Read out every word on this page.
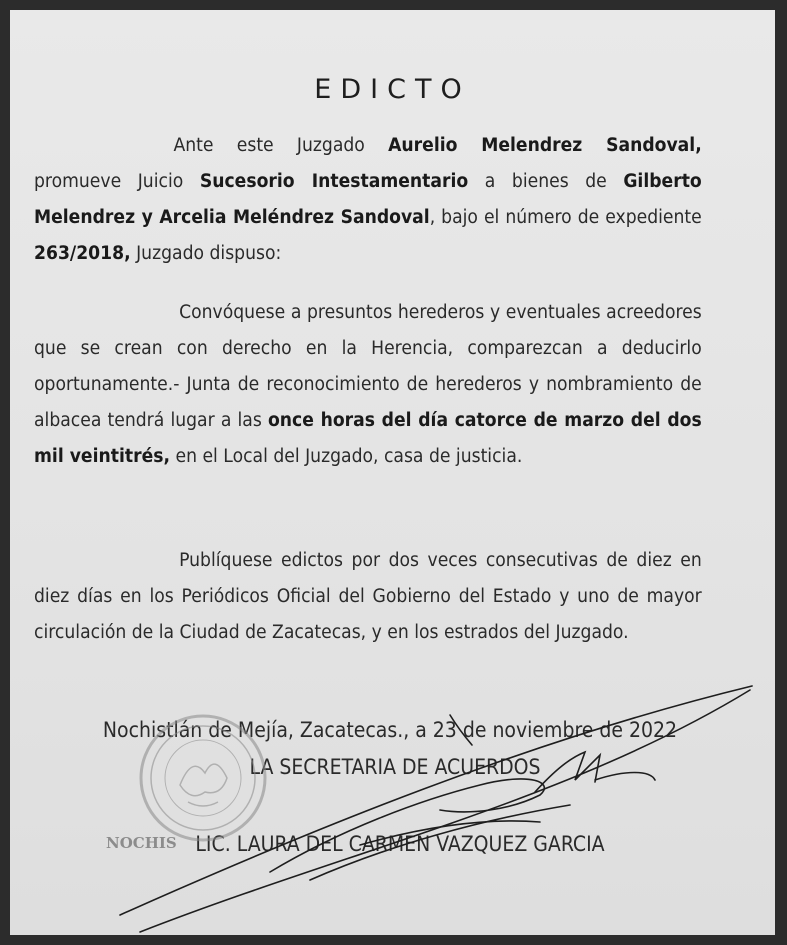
EDICTO
Ante este Juzgado Aurelio Melendrez Sandoval, promueve Juicio Sucesorio Intestamentario a bienes de Gilberto Melendrez y Arcelia Meléndrez Sandoval, bajo el número de expediente 263/2018, Juzgado dispuso:
Convóquese a presuntos herederos y eventuales acreedores que se crean con derecho en la Herencia, comparezcan a deducirlo oportunamente.- Junta de reconocimiento de herederos y nombramiento de albacea tendrá lugar a las once horas del día catorce de marzo del dos mil veintitrés, en el Local del Juzgado, casa de justicia.
Publíquese edictos por dos veces consecutivas de diez en diez días en los Periódicos Oficial del Gobierno del Estado y uno de mayor circulación de la Ciudad de Zacatecas, y en los estrados del Juzgado.
Nochistlán de Mejía, Zacatecas., a 23 de noviembre de 2022
LA SECRETARIA DE ACUERDOS
NOCHIS LIC. LAURA DEL CARMEN VAZQUEZ GARCIA
